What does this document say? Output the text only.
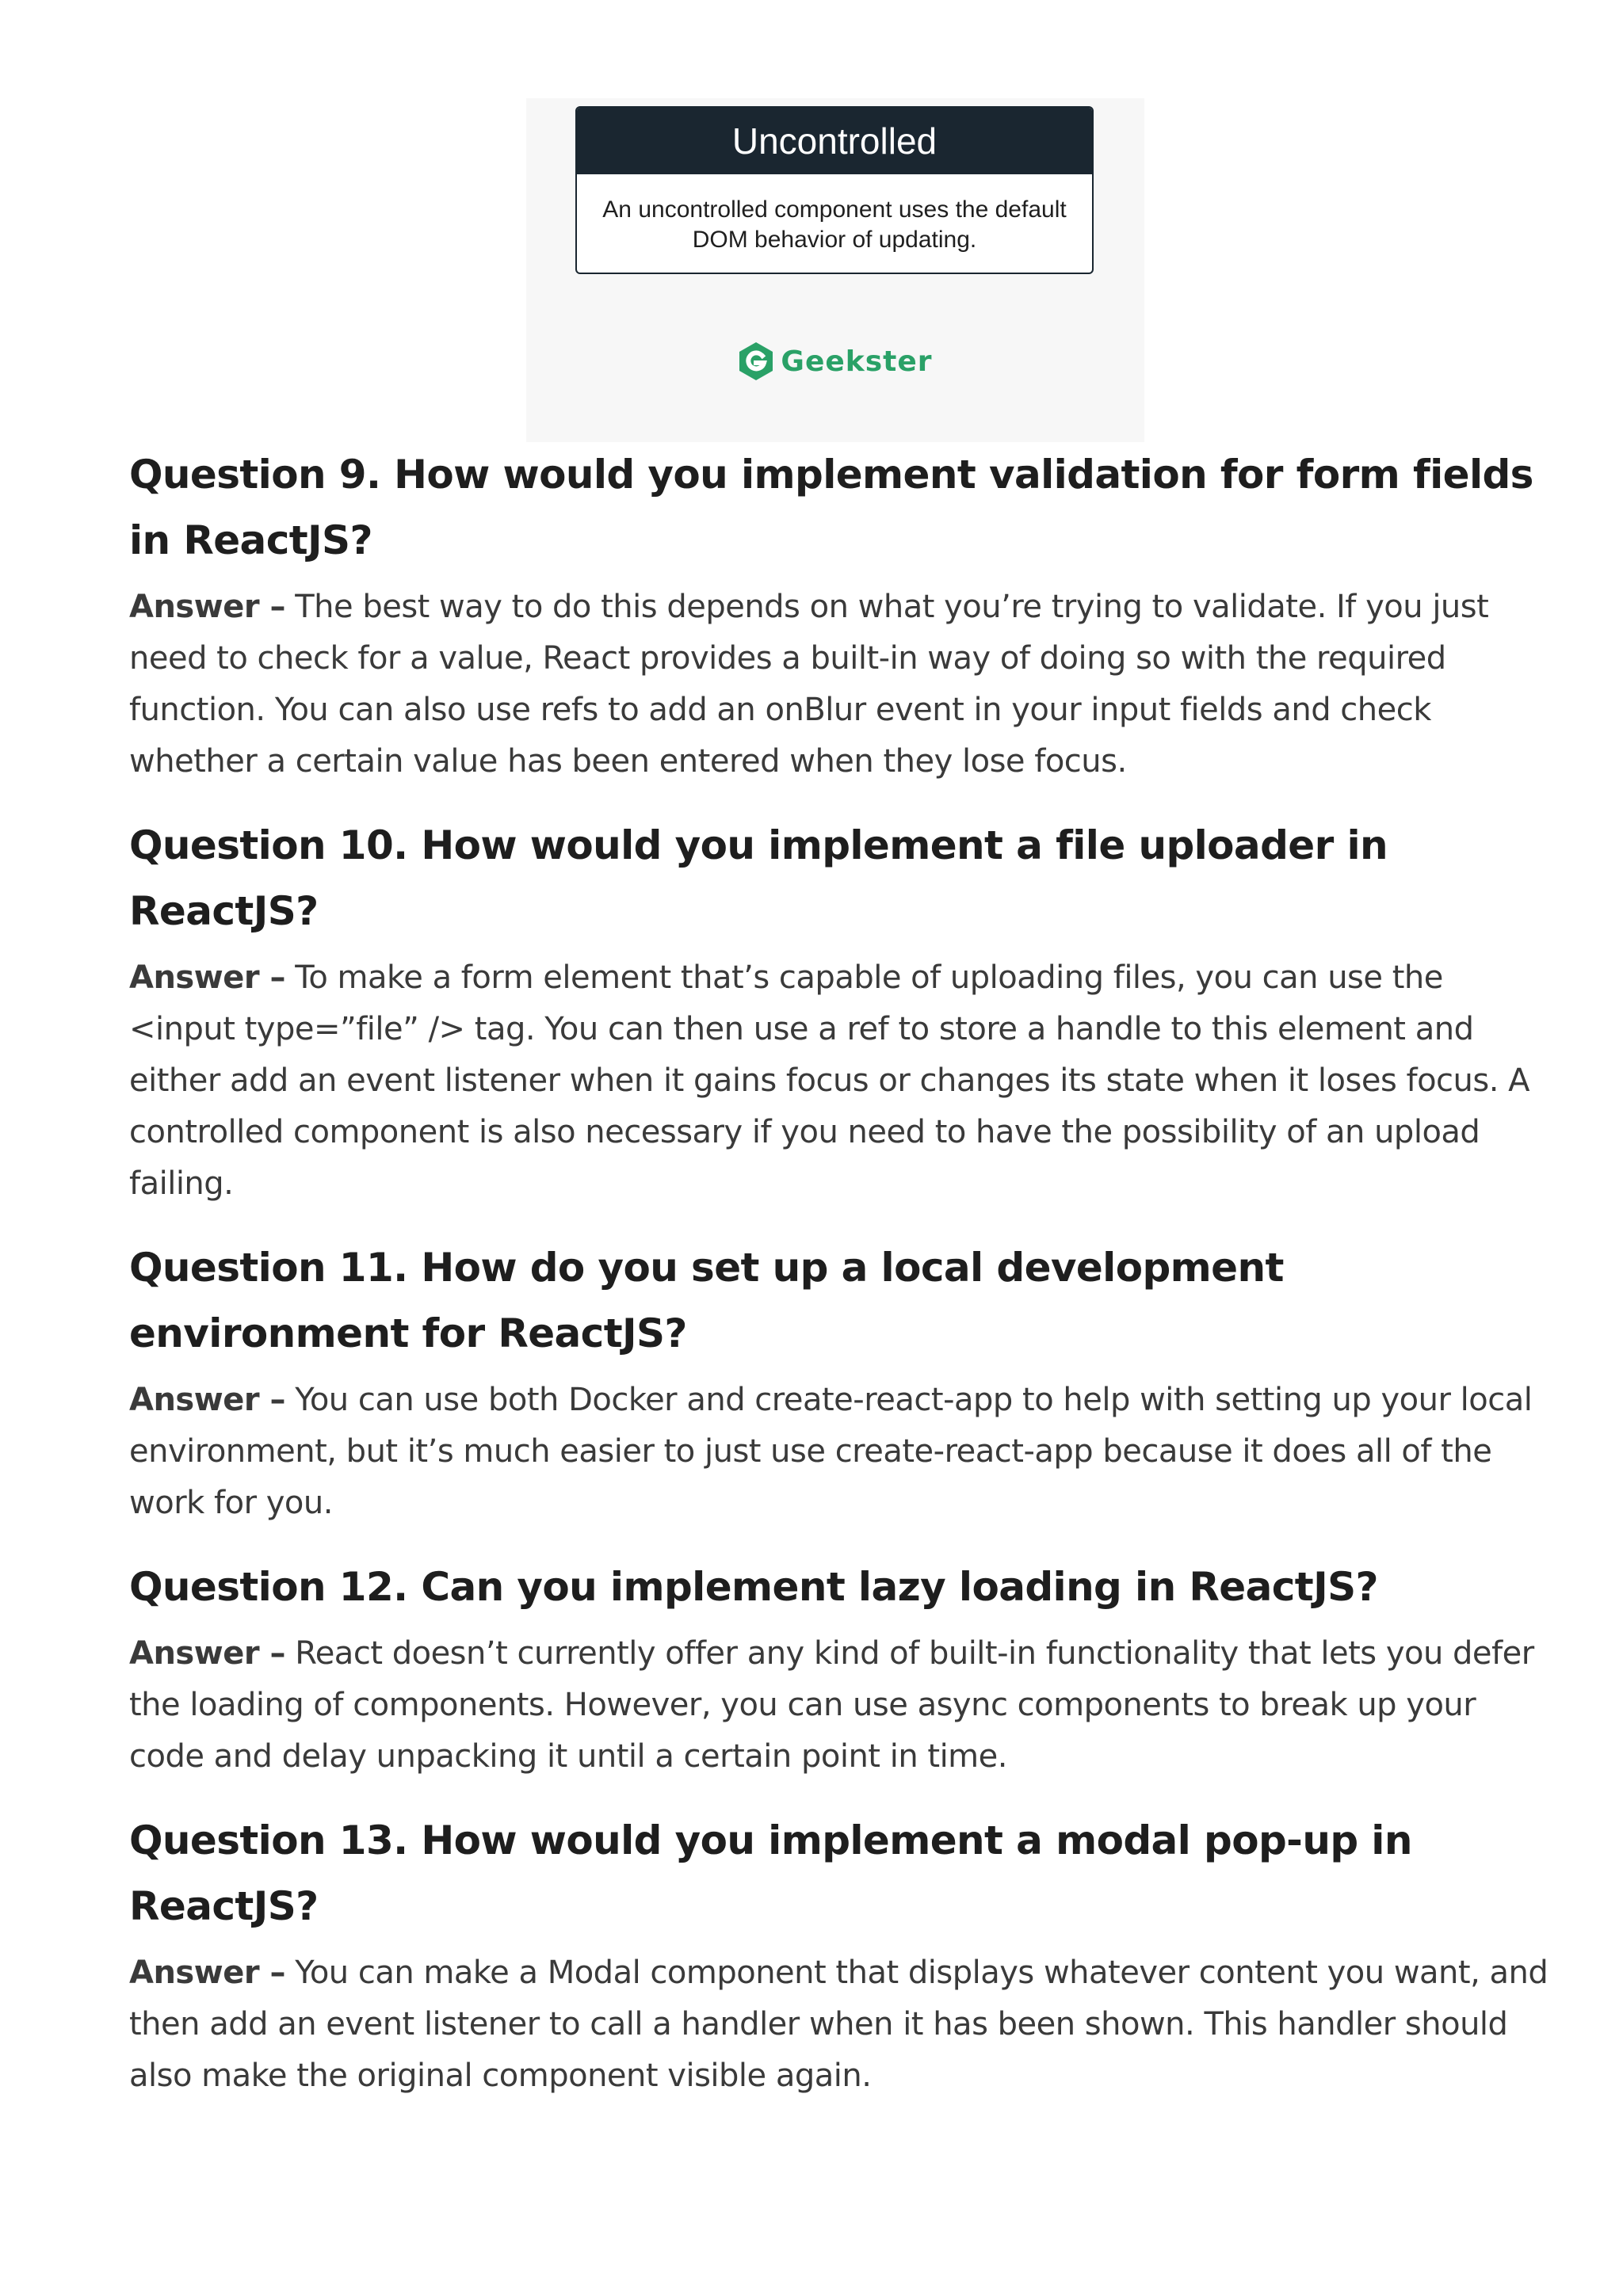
Uncontrolled
An uncontrolled component uses the default DOM behavior of updating.
Geekster
Question 9. How would you implement validation for form fields in ReactJS?

Answer – The best way to do this depends on what you’re trying to validate. If you just need to check for a value, React provides a built-in way of doing so with the required function. You can also use refs to add an onBlur event in your input fields and check whether a certain value has been entered when they lose focus.

Question 10. How would you implement a file uploader in ReactJS?

Answer – To make a form element that’s capable of uploading files, you can use the <input type=”file” /> tag. You can then use a ref to store a handle to this element and either add an event listener when it gains focus or changes its state when it loses focus. A controlled component is also necessary if you need to have the possibility of an upload failing.

Question 11. How do you set up a local development environment for ReactJS?

Answer – You can use both Docker and create-react-app to help with setting up your local environment, but it’s much easier to just use create-react-app because it does all of the work for you.

Question 12. Can you implement lazy loading in ReactJS?

Answer – React doesn’t currently offer any kind of built-in functionality that lets you defer the loading of components. However, you can use async components to break up your code and delay unpacking it until a certain point in time.

Question 13. How would you implement a modal pop-up in ReactJS?

Answer – You can make a Modal component that displays whatever content you want, and then add an event listener to call a handler when it has been shown. This handler should also make the original component visible again.
